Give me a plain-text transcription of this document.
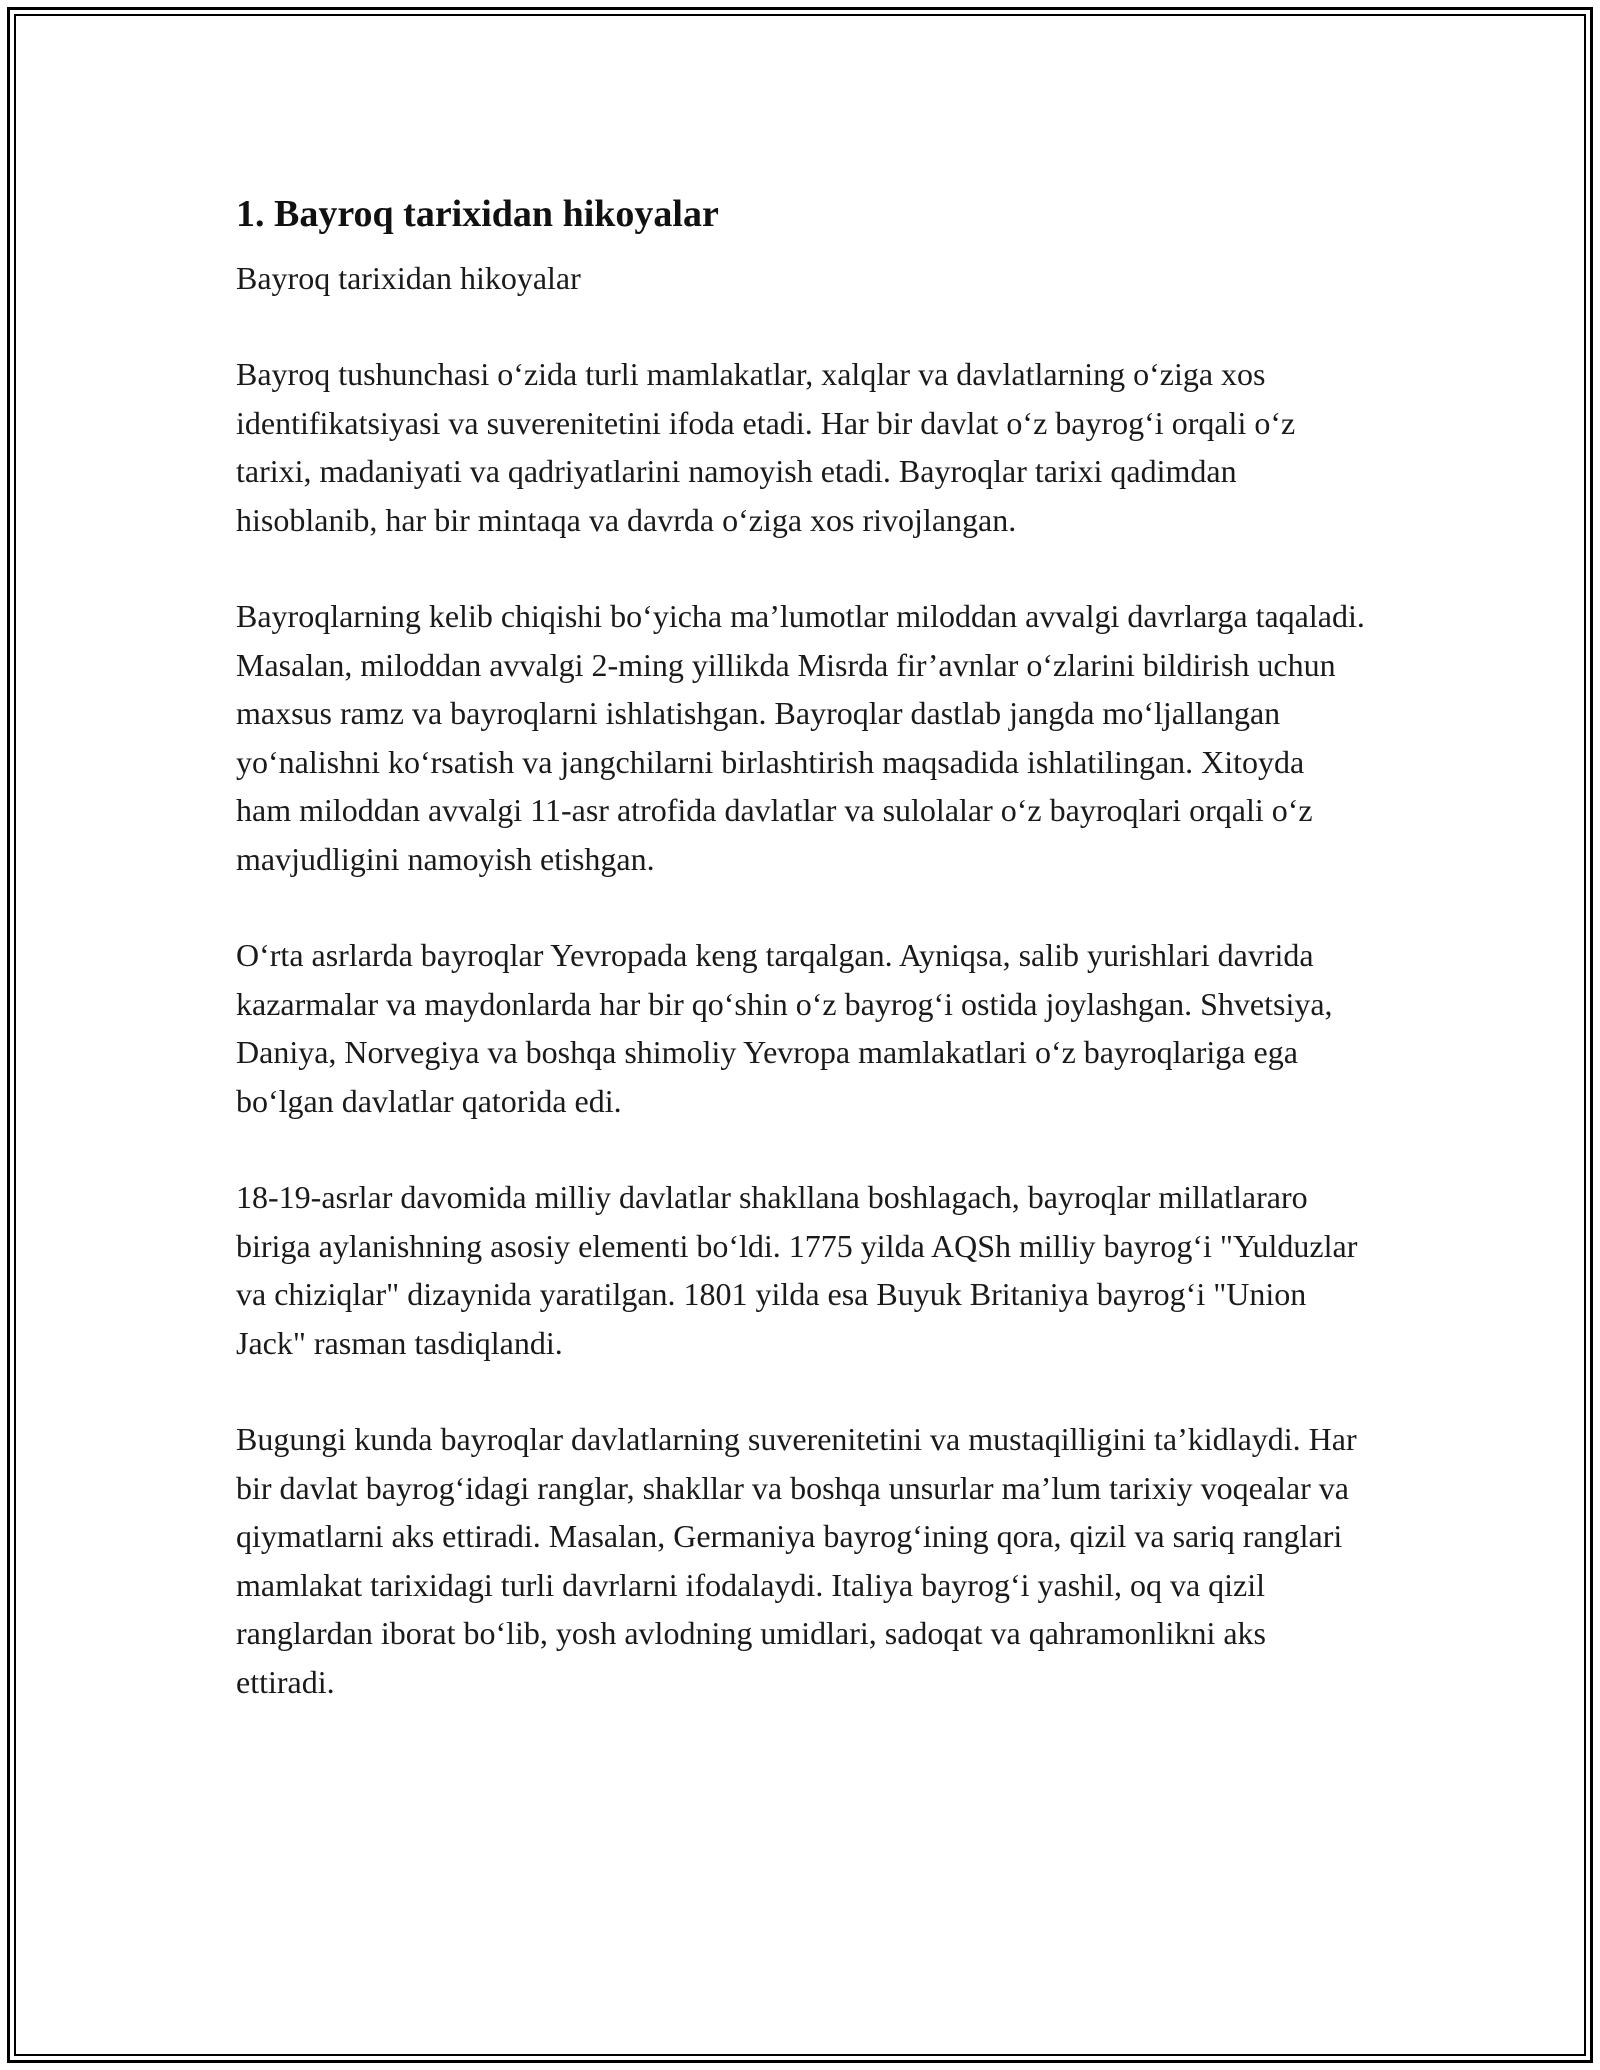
1. Bayroq tarixidan hikoyalar

Bayroq tarixidan hikoyalar

Bayroq tushunchasi o‘zida turli mamlakatlar, xalqlar va davlatlarning o‘ziga xos identifikatsiyasi va suverenitetini ifoda etadi. Har bir davlat o‘z bayrog‘i orqali o‘z tarixi, madaniyati va qadriyatlarini namoyish etadi. Bayroqlar tarixi qadimdan hisoblanib, har bir mintaqa va davrda o‘ziga xos rivojlangan.

Bayroqlarning kelib chiqishi bo‘yicha ma’lumotlar miloddan avvalgi davrlarga taqaladi. Masalan, miloddan avvalgi 2-ming yillikda Misrda fir’avnlar o‘zlarini bildirish uchun maxsus ramz va bayroqlarni ishlatishgan. Bayroqlar dastlab jangda mo‘ljallangan yo‘nalishni ko‘rsatish va jangchilarni birlashtirish maqsadida ishlatilingan. Xitoyda ham miloddan avvalgi 11-asr atrofida davlatlar va sulolalar o‘z bayroqlari orqali o‘z mavjudligini namoyish etishgan.

O‘rta asrlarda bayroqlar Yevropada keng tarqalgan. Ayniqsa, salib yurishlari davrida kazarmalar va maydonlarda har bir qo‘shin o‘z bayrog‘i ostida joylashgan. Shvetsiya, Daniya, Norvegiya va boshqa shimoliy Yevropa mamlakatlari o‘z bayroqlariga ega bo‘lgan davlatlar qatorida edi.

18-19-asrlar davomida milliy davlatlar shakllana boshlagach, bayroqlar millatlararo biriga aylanishning asosiy elementi bo‘ldi. 1775 yilda AQSh milliy bayrog‘i "Yulduzlar va chiziqlar" dizaynida yaratilgan. 1801 yilda esa Buyuk Britaniya bayrog‘i "Union Jack" rasman tasdiqlandi.

Bugungi kunda bayroqlar davlatlarning suverenitetini va mustaqilligini ta’kidlaydi. Har bir davlat bayrog‘idagi ranglar, shakllar va boshqa unsurlar ma’lum tarixiy voqealar va qiymatlarni aks ettiradi. Masalan, Germaniya bayrog‘ining qora, qizil va sariq ranglari mamlakat tarixidagi turli davrlarni ifodalaydi. Italiya bayrog‘i yashil, oq va qizil ranglardan iborat bo‘lib, yosh avlodning umidlari, sadoqat va qahramonlikni aks ettiradi.
